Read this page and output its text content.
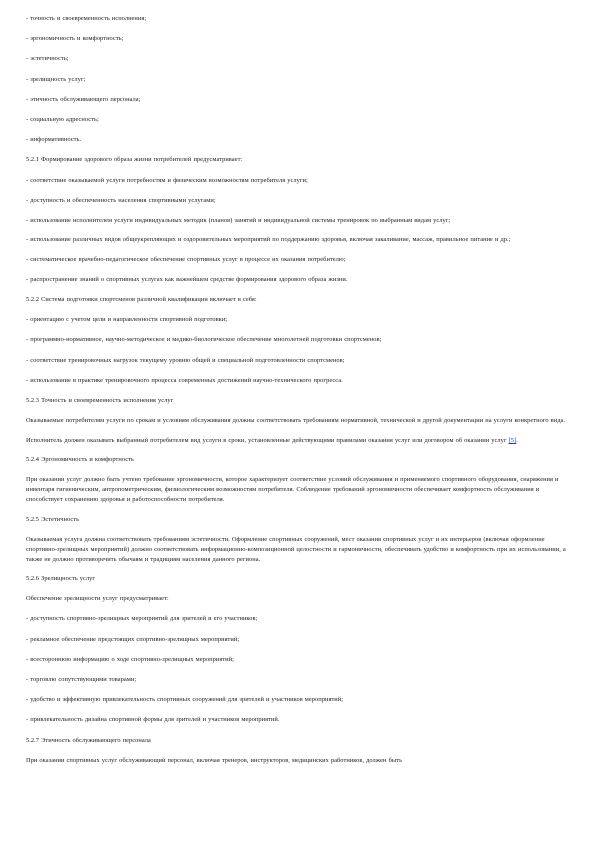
- точность и своевременность исполнения;

- эргономичность и комфортность;

- эстетичность;

- зрелищность услуг;

- этичность обслуживающего персонала;

- социальную адресность;

- информативность.

5.2.1 Формирование здорового образа жизни потребителей предусматривает:

- соответствие оказываемой услуги потребностям и физическим возможностям потребителя услуги;

- доступность и обеспеченность населения спортивными услугами;

- использование исполнителем услуги индивидуальных методик (планов) занятий и индивидуальной системы тренировок по выбранным видам услуг;

- использование различных видов общеукрепляющих и оздоровительных мероприятий по поддержанию здоровья, включая закаливание, массаж, правильное питание и др.;

- систематическое врачебно-педагогическое обеспечение спортивных услуг в процессе их оказания потребителю;

- распространение знаний о спортивных услугах как важнейшем средстве формирования здорового образа жизни.

5.2.2 Система подготовки спортсменов различной квалификации включает в себя:

- ориентацию с учетом цели и направленности спортивной подготовки;

- программно-нормативное, научно-методическое и медико-биологическое обеспечение многолетней подготовки спортсменов;

- соответствие тренировочных нагрузок текущему уровню общей и специальной подготовленности спортсменов;

- использование в практике тренировочного процесса современных достижений научно-технического прогресса.

5.2.3 Точность и своевременность исполнения услуг

Оказываемые потребителям услуги по срокам и условиям обслуживания должны соответствовать требованиям нормативной, технической и другой документации на услуги конкретного вида.

Исполнитель должен оказывать выбранный потребителем вид услуги в сроки, установленные действующими правилами оказания услуг или договором об оказании услуг [5].

5.2.4 Эргономичность и комфортность

При оказании услуг должно быть учтено требование эргономичности, которое характеризует соответствие условий обслуживания и применяемого спортивного оборудования, снаряжения и инвентаря гигиеническим, антропометрическим, физиологическим возможностям потребителя. Соблюдение требований эргономичности обеспечивает комфортность обслуживания и способствует сохранению здоровья и работоспособности потребителя.

5.2.5 Эстетичность

Оказываемая услуга должна соответствовать требованиям эстетичности. Оформление спортивных сооружений, мест оказания спортивных услуг и их интерьеров (включая оформление спортивно-зрелищных мероприятий) должно соответствовать информационно-композиционной целостности и гармоничности, обеспечивать удобство и комфортность при их использовании, а также не должно противоречить обычаям и традициям населения данного региона.

5.2.6 Зрелищность услуг

Обеспечение зрелищности услуг предусматривает:

- доступность спортивно-зрелищных мероприятий для зрителей и его участников;

- рекламное обеспечение предстоящих спортивно-зрелищных мероприятий;

- всестороннюю информацию о ходе спортивно-зрелищных мероприятий;

- торговлю сопутствующими товарами;

- удобство и эффективную привлекательность спортивных сооружений для зрителей и участников мероприятий;

- привлекательность дизайна спортивной формы для зрителей и участников мероприятий.

5.2.7 Этичность обслуживающего персонала

При оказании спортивных услуг обслуживающий персонал, включая тренеров, инструкторов, медицинских работников, должен быть
